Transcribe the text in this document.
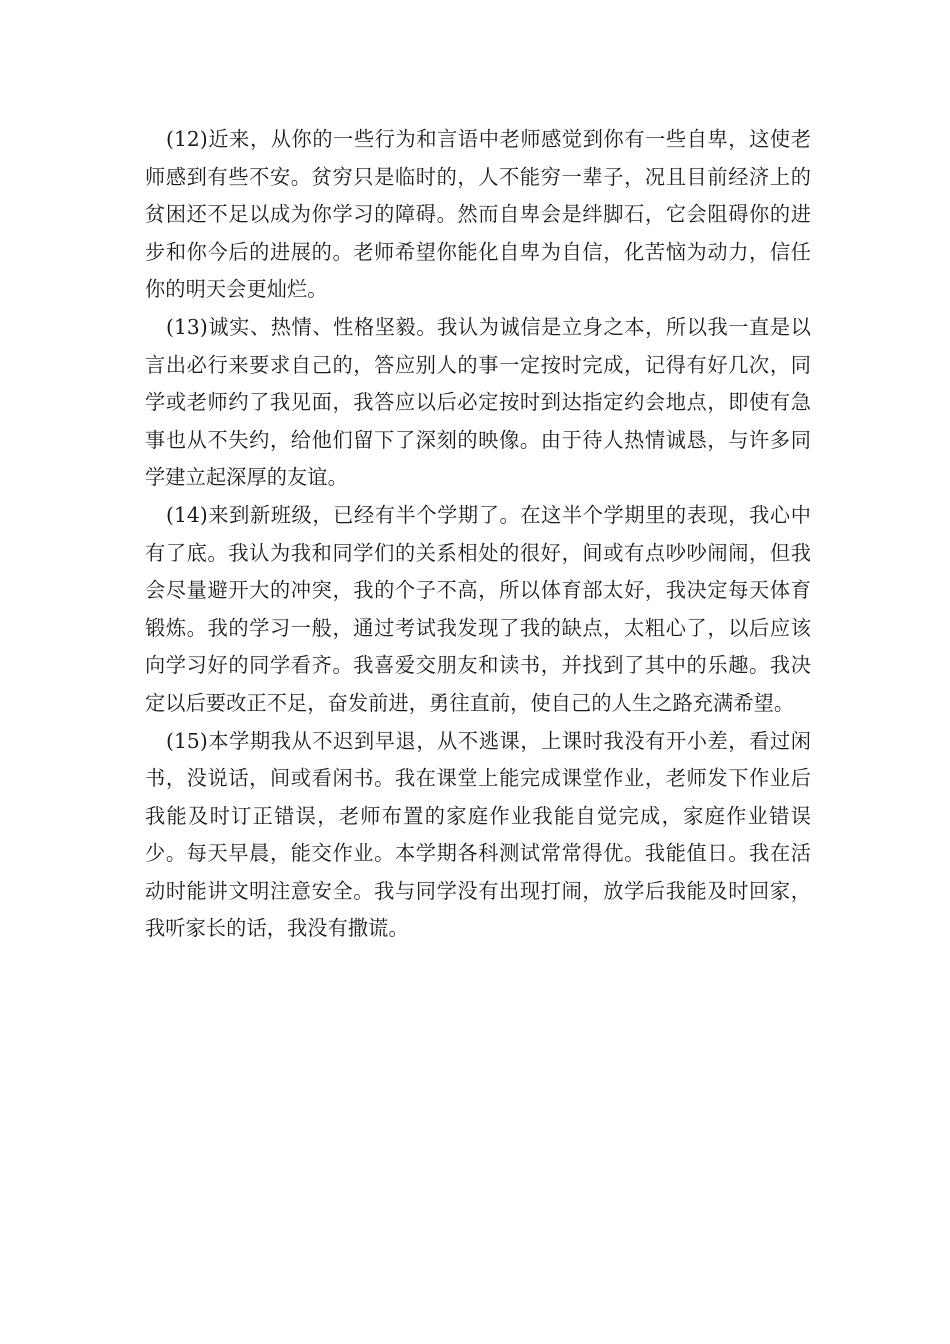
(12)近来，从你的一些行为和言语中老师感觉到你有一些自卑，这使老师感到有些不安。贫穷只是临时的，人不能穷一辈子，况且目前经济上的贫困还不足以成为你学习的障碍。然而自卑会是绊脚石，它会阻碍你的进步和你今后的进展的。老师希望你能化自卑为自信，化苦恼为动力，信任你的明天会更灿烂。

(13)诚实、热情、性格坚毅。我认为诚信是立身之本，所以我一直是以言出必行来要求自己的，答应别人的事一定按时完成，记得有好几次，同学或老师约了我见面，我答应以后必定按时到达指定约会地点，即使有急事也从不失约，给他们留下了深刻的映像。由于待人热情诚恳，与许多同学建立起深厚的友谊。

(14)来到新班级，已经有半个学期了。在这半个学期里的表现，我心中有了底。我认为我和同学们的关系相处的很好，间或有点吵吵闹闹，但我会尽量避开大的冲突，我的个子不高，所以体育部太好，我决定每天体育锻炼。我的学习一般，通过考试我发现了我的缺点，太粗心了，以后应该向学习好的同学看齐。我喜爱交朋友和读书，并找到了其中的乐趣。我决定以后要改正不足，奋发前进，勇往直前，使自己的人生之路充满希望。

(15)本学期我从不迟到早退，从不逃课，上课时我没有开小差，看过闲书，没说话，间或看闲书。我在课堂上能完成课堂作业，老师发下作业后我能及时订正错误，老师布置的家庭作业我能自觉完成，家庭作业错误少。每天早晨，能交作业。本学期各科测试常常得优。我能值日。我在活动时能讲文明注意安全。我与同学没有出现打闹，放学后我能及时回家，我听家长的话，我没有撒谎。
